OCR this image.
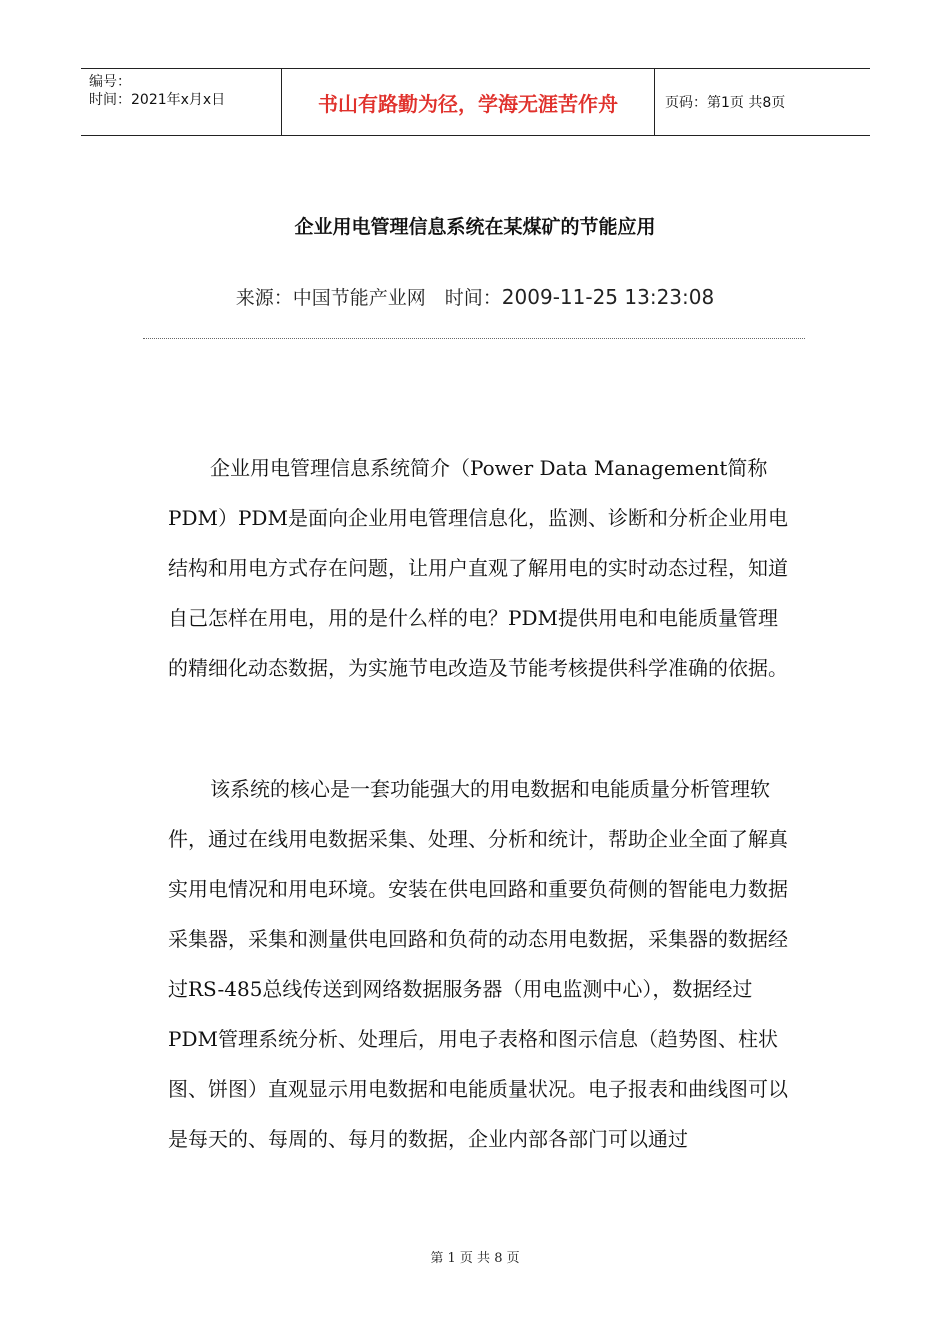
编号：
时间：2021年x月x日	书山有路勤为径，学海无涯苦作舟	页码：第1页 共8页
企业用电管理信息系统在某煤矿的节能应用
来源：中国节能产业网　时间：2009-11-25 13:23:08

企业用电管理信息系统简介（Power Data Management简称PDM）PDM是面向企业用电管理信息化，监测、诊断和分析企业用电结构和用电方式存在问题，让用户直观了解用电的实时动态过程，知道自己怎样在用电，用的是什么样的电？PDM提供用电和电能质量管理的精细化动态数据，为实施节电改造及节能考核提供科学准确的依据。

该系统的核心是一套功能强大的用电数据和电能质量分析管理软件，通过在线用电数据采集、处理、分析和统计，帮助企业全面了解真实用电情况和用电环境。安装在供电回路和重要负荷侧的智能电力数据采集器，采集和测量供电回路和负荷的动态用电数据，采集器的数据经过RS-485总线传送到网络数据服务器（用电监测中心），数据经过PDM管理系统分析、处理后，用电子表格和图示信息（趋势图、柱状图、饼图）直观显示用电数据和电能质量状况。电子报表和曲线图可以是每天的、每周的、每月的数据，企业内部各部门可以通过

第 1 页 共 8 页
